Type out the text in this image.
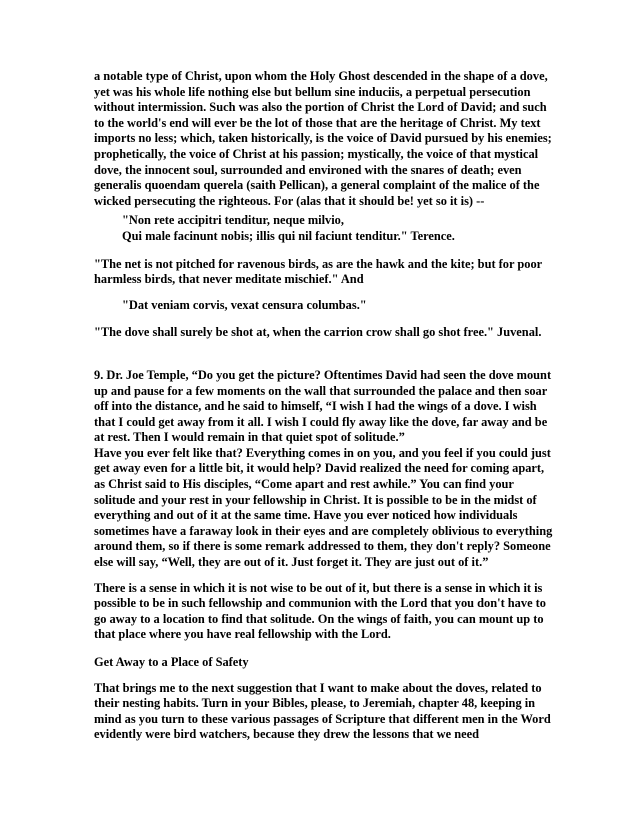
a notable type of Christ, upon whom the Holy Ghost descended in the shape of a dove, yet was his whole life nothing else but bellum sine induciis, a perpetual persecution without intermission. Such was also the portion of Christ the Lord of David; and such to the world's end will ever be the lot of those that are the heritage of Christ. My text imports no less; which, taken historically, is the voice of David pursued by his enemies; prophetically, the voice of Christ at his passion; mystically, the voice of that mystical dove, the innocent soul, surrounded and environed with the snares of death; even generalis quoendam querela (saith Pellican), a general complaint of the malice of the wicked persecuting the righteous. For (alas that it should be! yet so it is) --

"Non rete accipitri tenditur, neque milvio,

Qui male facinunt nobis; illis qui nil faciunt tenditur." Terence.

"The net is not pitched for ravenous birds, as are the hawk and the kite; but for poor harmless birds, that never meditate mischief." And

"Dat veniam corvis, vexat censura columbas."

"The dove shall surely be shot at, when the carrion crow shall go shot free." Juvenal.

9. Dr. Joe Temple, “Do you get the picture? Oftentimes David had seen the dove mount up and pause for a few moments on the wall that surrounded the palace and then soar off into the distance, and he said to himself, “I wish I had the wings of a dove. I wish that I could get away from it all. I wish I could fly away like the dove, far away and be at rest. Then I would remain in that quiet spot of solitude.”

Have you ever felt like that? Everything comes in on you, and you feel if you could just get away even for a little bit, it would help? David realized the need for coming apart, as Christ said to His disciples, “Come apart and rest awhile.” You can find your solitude and your rest in your fellowship in Christ. It is possible to be in the midst of everything and out of it at the same time. Have you ever noticed how individuals sometimes have a faraway look in their eyes and are completely oblivious to everything around them, so if there is some remark addressed to them, they don't reply? Someone else will say, “Well, they are out of it. Just forget it. They are just out of it.”

There is a sense in which it is not wise to be out of it, but there is a sense in which it is possible to be in such fellowship and communion with the Lord that you don't have to go away to a location to find that solitude. On the wings of faith, you can mount up to that place where you have real fellowship with the Lord.

Get Away to a Place of Safety

That brings me to the next suggestion that I want to make about the doves, related to their nesting habits. Turn in your Bibles, please, to Jeremiah, chapter 48, keeping in mind as you turn to these various passages of Scripture that different men in the Word evidently were bird watchers, because they drew the lessons that we need
